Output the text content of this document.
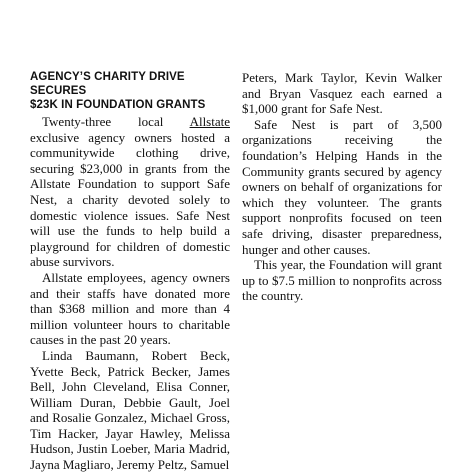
AGENCY’S CHARITY DRIVE SECURES
$23K IN FOUNDATION GRANTS

Twenty-three local Allstate exclusive agency owners hosted a communitywide clothing drive, securing $23,000 in grants from the Allstate Foundation to support Safe Nest, a charity devoted solely to domestic violence issues. Safe Nest will use the funds to help build a playground for children of domestic abuse survivors.

Allstate employees, agency owners and their staffs have donated more than $368 million and more than 4 million volunteer hours to charitable causes in the past 20 years.

Linda Baumann, Robert Beck, Yvette Beck, Patrick Becker, James Bell, John Cleveland, Elisa Conner, William Duran, Debbie Gault, Joel and Rosalie Gonzalez, Michael Gross, Tim Hacker, Jayar Hawley, Melissa Hudson, Justin Loeber, Maria Madrid, Jayna Magliaro, Jeremy Peltz, Samuel

Peters, Mark Taylor, Kevin Walker and Bryan Vasquez each earned a $1,000 grant for Safe Nest.

Safe Nest is part of 3,500 organizations receiving the foundation’s Helping Hands in the Community grants secured by agency owners on behalf of organizations for which they volunteer. The grants support nonprofits focused on teen safe driving, disaster preparedness, hunger and other causes.

This year, the Foundation will grant up to $7.5 million to nonprofits across the country.
